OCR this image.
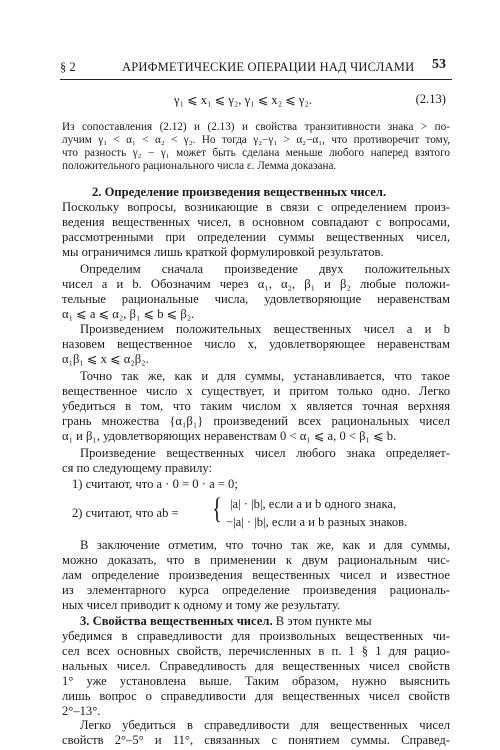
§ 2	АРИФМЕТИЧЕСКИЕ ОПЕРАЦИИ НАД ЧИСЛАМИ 53
γ₁ ⩽ x₁ ⩽ γ₂, γ₁ ⩽ x₂ ⩽ γ₂.	(2.13)
Из сопоставления (2.12) и (2.13) и свойства транзитивности знака > по-
лучим γ₁ < α₁ < α₂ < γ₂. Но тогда γ₂−γ₁ > α₂−α₁, что противоречит тому,
что разность γ₂ − γ₁ может быть сделана меньше любого наперед взятого
положительного рационального числа ε. Лемма доказана.
2. Определение произведения вещественных чисел.
Поскольку вопросы, возникающие в связи с определением произ-
ведения вещественных чисел, в основном совпадают с вопросами,
рассмотренными при определении суммы вещественных чисел,
мы ограничимся лишь краткой формулировкой результатов.
Определим сначала произведение двух положительных
чисел a и b. Обозначим через α₁, α₂, β₁ и β₂ любые положи-
тельные рациональные числа, удовлетворяющие неравенствам
α₁ ⩽ a ⩽ α₂, β₁ ⩽ b ⩽ β₂.
Произведением положительных вещественных чисел a и b
назовем вещественное число x, удовлетворяющее неравенствам
α₁β₁ ⩽ x ⩽ α₂β₂.
Точно так же, как и для суммы, устанавливается, что такое
вещественное число x существует, и притом только одно. Легко
убедиться в том, что таким числом x является точная верхняя
грань множества {α₁β₁} произведений всех рациональных чисел
α₁ и β₁, удовлетворяющих неравенствам 0 < α₁ ⩽ a, 0 < β₁ ⩽ b.
Произведение вещественных чисел любого знака определяет-
ся по следующему правилу:
1) считают, что a · 0 = 0 · a = 0;
2) считают, что ab =	{ |a| · |b|, если a и b одного знака,
−|a| · |b|, если a и b разных знаков.
В заключение отметим, что точно так же, как и для суммы,
можно доказать, что в применении к двум рациональным чис-
лам определение произведения вещественных чисел и известное
из элементарного курса определение произведения рациональ-
ных чисел приводит к одному и тому же результату.
3. Свойства вещественных чисел. В этом пункте мы
убедимся в справедливости для произвольных вещественных чи-
сел всех основных свойств, перечисленных в п. 1 § 1 для рацио-
нальных чисел. Справедливость для вещественных чисел свойств
1° уже установлена выше. Таким образом, нужно выяснить
лишь вопрос о справедливости для вещественных чисел свойств
2°–13°.
Легко убедиться в справедливости для вещественных чисел
свойств 2°–5° и 11°, связанных с понятием суммы. Справед-
